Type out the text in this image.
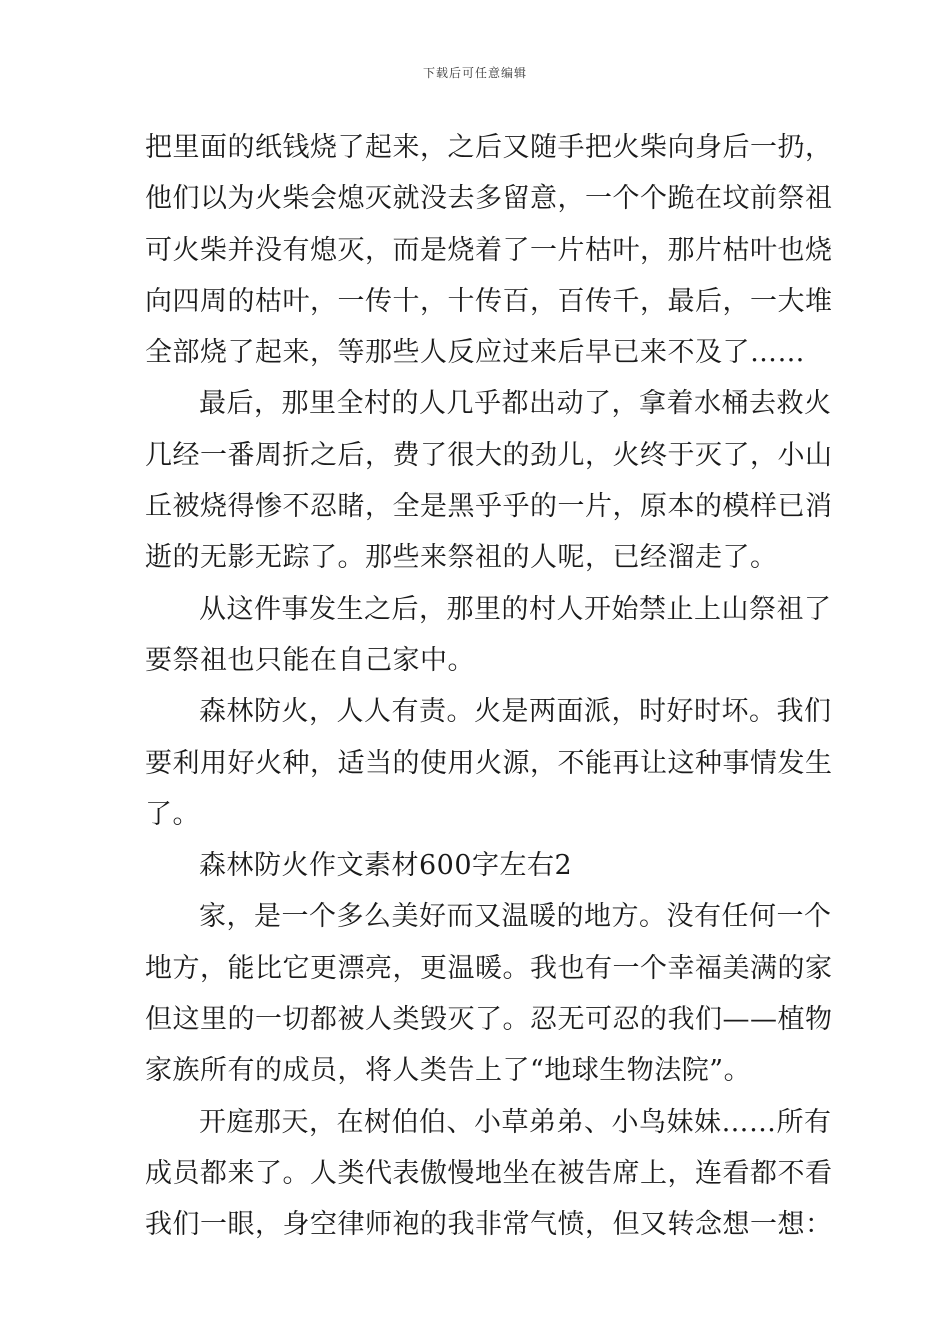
下载后可任意编辑
把里面的纸钱烧了起来，之后又随手把火柴向身后一扔，
他们以为火柴会熄灭就没去多留意，一个个跪在坟前祭祖
可火柴并没有熄灭，而是烧着了一片枯叶，那片枯叶也烧
向四周的枯叶，一传十，十传百，百传千，最后，一大堆
全部烧了起来，等那些人反应过来后早已来不及了……
最后，那里全村的人几乎都出动了，拿着水桶去救火
几经一番周折之后，费了很大的劲儿，火终于灭了，小山
丘被烧得惨不忍睹，全是黑乎乎的一片，原本的模样已消
逝的无影无踪了。那些来祭祖的人呢，已经溜走了。
从这件事发生之后，那里的村人开始禁止上山祭祖了
要祭祖也只能在自己家中。
森林防火，人人有责。火是两面派，时好时坏。我们
要利用好火种，适当的使用火源，不能再让这种事情发生
了。
森林防火作文素材600字左右2
家，是一个多么美好而又温暖的地方。没有任何一个
地方，能比它更漂亮，更温暖。我也有一个幸福美满的家
但这里的一切都被人类毁灭了。忍无可忍的我们——植物
家族所有的成员，将人类告上了“地球生物法院”。
开庭那天，在树伯伯、小草弟弟、小鸟妹妹……所有
成员都来了。人类代表傲慢地坐在被告席上，连看都不看
我们一眼，身空律师袍的我非常气愤，但又转念想一想：
